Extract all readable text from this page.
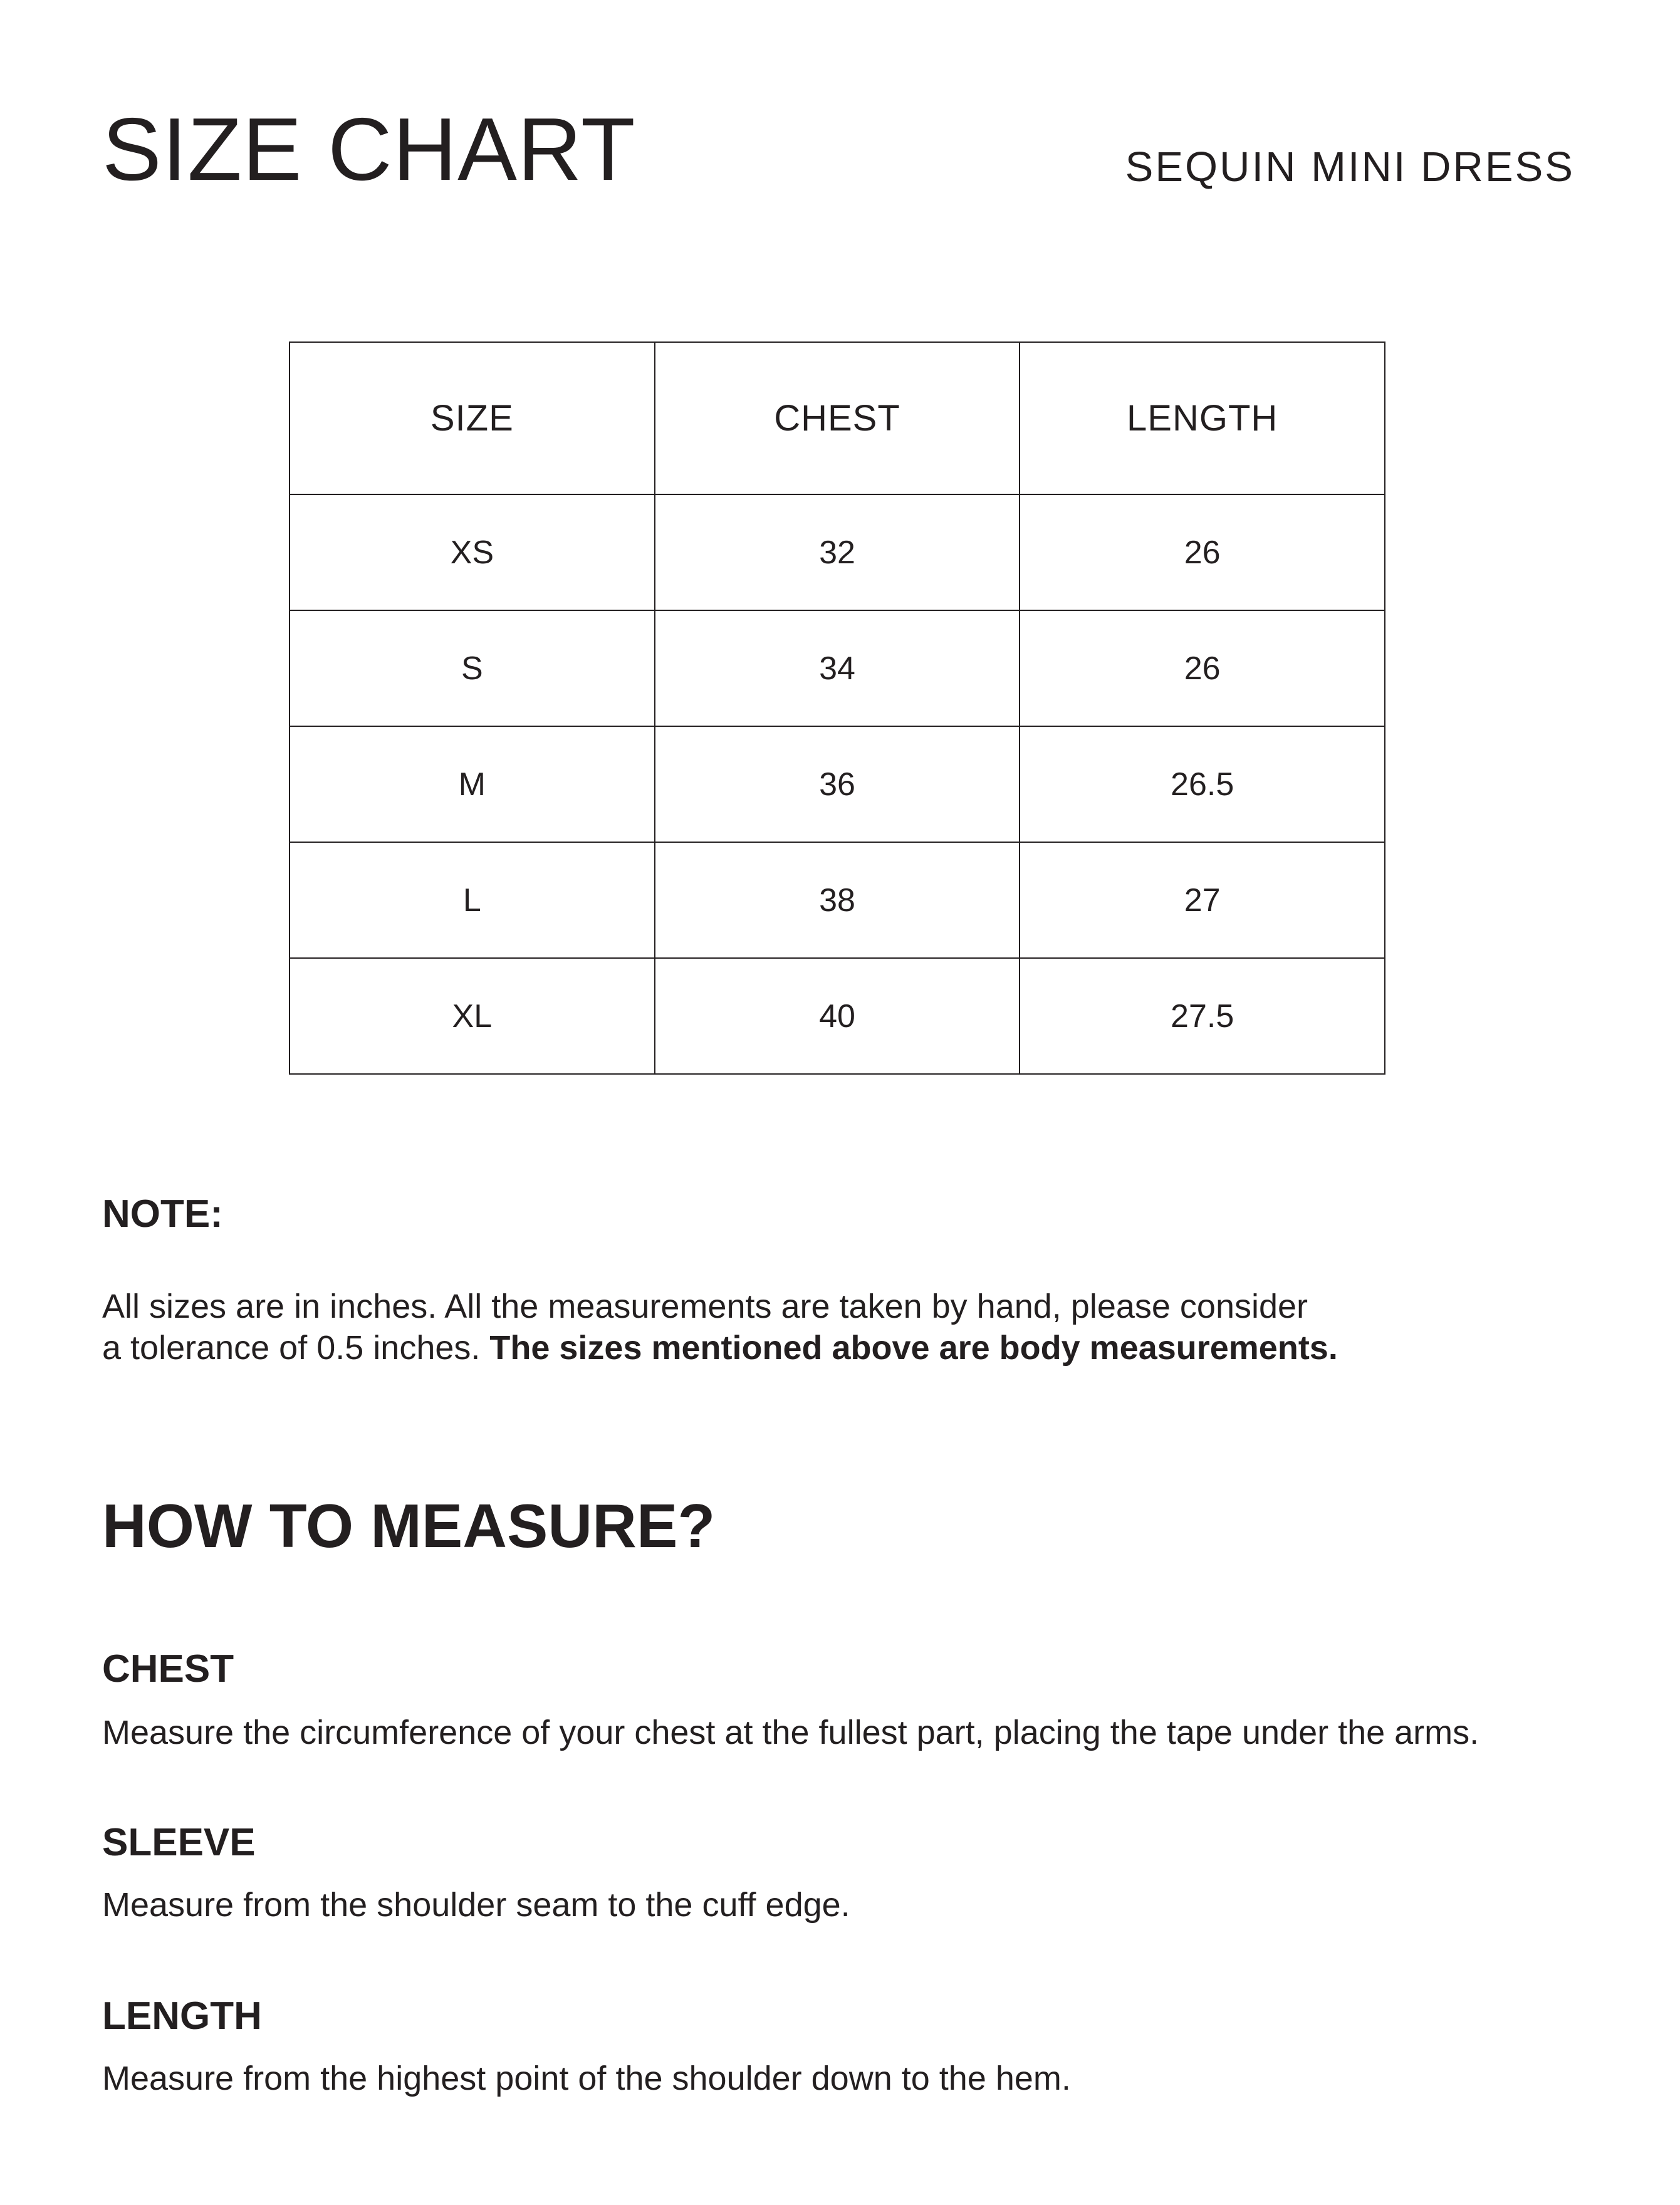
SIZE CHART	SEQUIN MINI DRESS
SIZE	CHEST	LENGTH
XS	32	26
S	34	26
M	36	26.5
L	38	27
XL	40	27.5
NOTE:
All sizes are in inches. All the measurements are taken by hand, please consider
a tolerance of 0.5 inches. The sizes mentioned above are body measurements.
HOW TO MEASURE?
CHEST
Measure the circumference of your chest at the fullest part, placing the tape under the arms.
SLEEVE
Measure from the shoulder seam to the cuff edge.
LENGTH
Measure from the highest point of the shoulder down to the hem.
